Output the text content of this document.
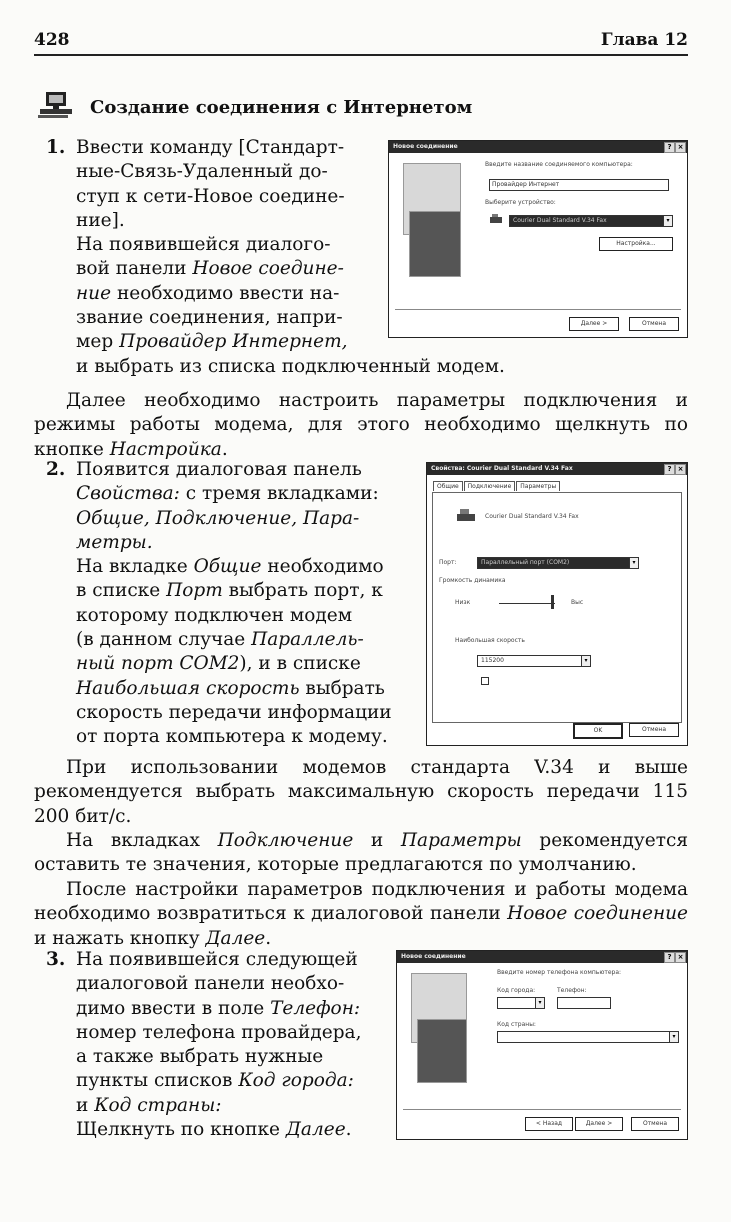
428	Глава 12
Создание соединения с Интернетом
1. Ввести команду [Стандарт-

ные-Связь-Удаленный до-

ступ к сети-Новое соедине-

ние].

На появившейся диалого-

вой панели Новое соедине-

ние необходимо ввести на-

звание соединения, напри-

мер Провайдер Интернет,

и выбрать из списка подключенный модем.
Новое соединение	? ×
Введите название соединяемого компьютера:
Провайдер Интернет
Выберите устройство:
Courier Dual Standard V.34 Fax	▾
Настройка...
Далее >	Отмена
Далее необходимо настроить параметры подключения и режимы работы модема, для этого необходимо щелкнуть по кнопке Настройка.
2. Появится диалоговая панель

Свойства: с тремя вкладками:

Общие, Подключение, Пара-

метры.

На вкладке Общие необходимо

в списке Порт выбрать порт, к

которому подключен модем

(в данном случае Параллель-

ный порт COM2), и в списке

Наибольшая скорость выбрать

скорость передачи информации

от порта компьютера к модему.

Свойства: Courier Dual Standard V.34 Fax	? ×
Общие Подключение Параметры
Courier Dual Standard V.34 Fax
Порт:	Параллельный порт (COM2)	▾
Громкость динамика
Низк	Выс
Наибольшая скорость
115200	▾
OK	Отмена
При использовании модемов стандарта V.34 и выше рекомендуется выбрать максимальную скорость передачи 115 200 бит/с.
На вкладках Подключение и Параметры рекомендуется оставить те значения, которые предлагаются по умолчанию.
После настройки параметров подключения и работы модема необходимо возвратиться к диалоговой панели Новое соединение и нажать кнопку Далее.
3. На появившейся следующей

диалоговой панели необхо-

димо ввести в поле Телефон:

номер телефона провайдера,

а также выбрать нужные

пункты списков Код города:

и Код страны:

Щелкнуть по кнопке Далее.

Новое соединение	? ×
Введите номер телефона компьютера:
Код города:	Телефон:
▾
Код страны:
▾
< Назад	Далее >	Отмена
